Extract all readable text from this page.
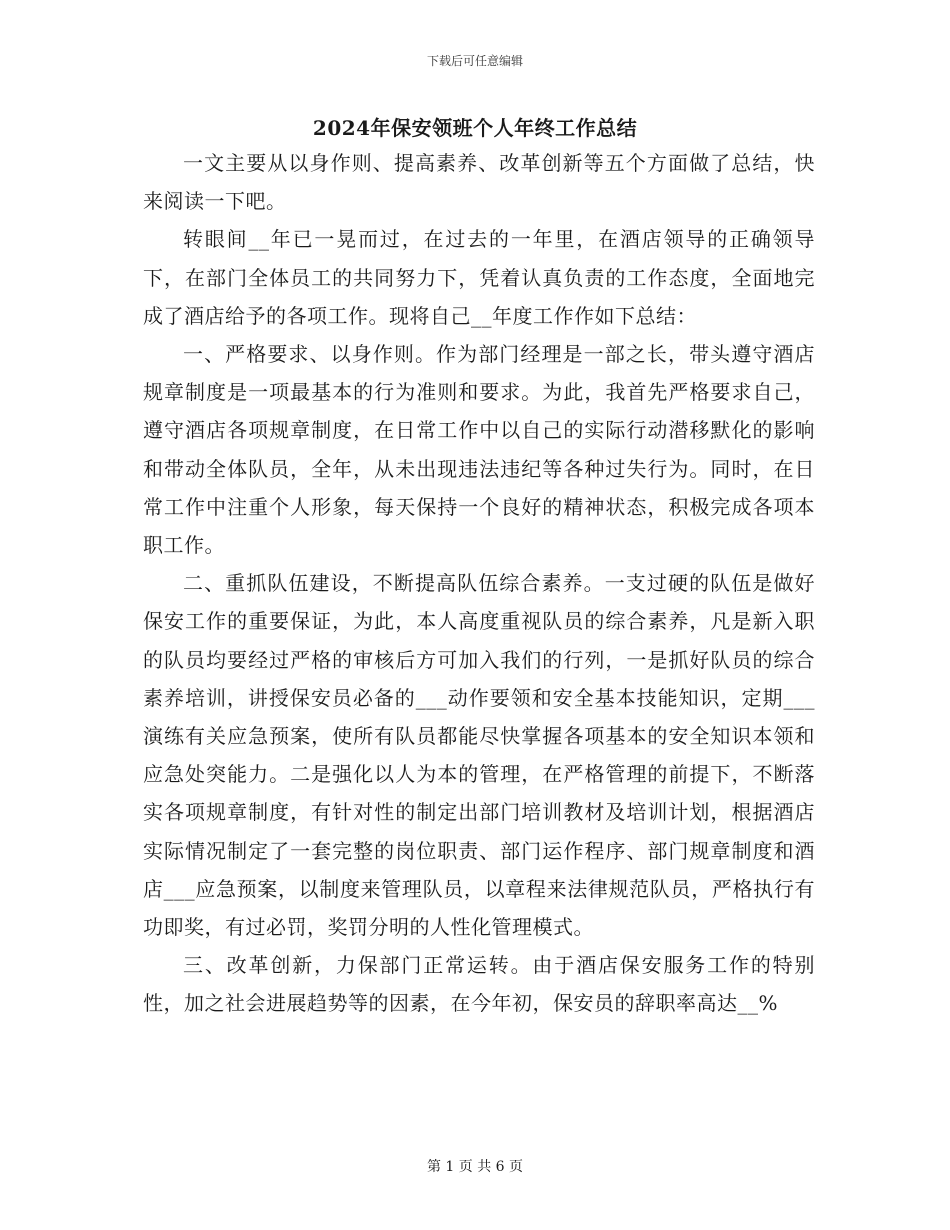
下载后可任意编辑
2024年保安领班个人年终工作总结

一文主要从以身作则、提高素养、改革创新等五个方面做了总结，快来阅读一下吧。

转眼间__年已一晃而过，在过去的一年里，在酒店领导的正确领导下，在部门全体员工的共同努力下，凭着认真负责的工作态度，全面地完成了酒店给予的各项工作。现将自己__年度工作作如下总结：

一、严格要求、以身作则。作为部门经理是一部之长，带头遵守酒店规章制度是一项最基本的行为准则和要求。为此，我首先严格要求自己，遵守酒店各项规章制度，在日常工作中以自己的实际行动潜移默化的影响和带动全体队员，全年，从未出现违法违纪等各种过失行为。同时，在日常工作中注重个人形象，每天保持一个良好的精神状态，积极完成各项本职工作。

二、重抓队伍建设，不断提高队伍综合素养。一支过硬的队伍是做好保安工作的重要保证，为此，本人高度重视队员的综合素养，凡是新入职的队员均要经过严格的审核后方可加入我们的行列，一是抓好队员的综合素养培训，讲授保安员必备的___动作要领和安全基本技能知识，定期___演练有关应急预案，使所有队员都能尽快掌握各项基本的安全知识本领和应急处突能力。二是强化以人为本的管理，在严格管理的前提下，不断落实各项规章制度，有针对性的制定出部门培训教材及培训计划，根据酒店实际情况制定了一套完整的岗位职责、部门运作程序、部门规章制度和酒店___应急预案，以制度来管理队员，以章程来法律规范队员，严格执行有功即奖，有过必罚，奖罚分明的人性化管理模式。

三、改革创新，力保部门正常运转。由于酒店保安服务工作的特别性，加之社会进展趋势等的因素，在今年初，保安员的辞职率高达__%

第 1 页 共 6 页
